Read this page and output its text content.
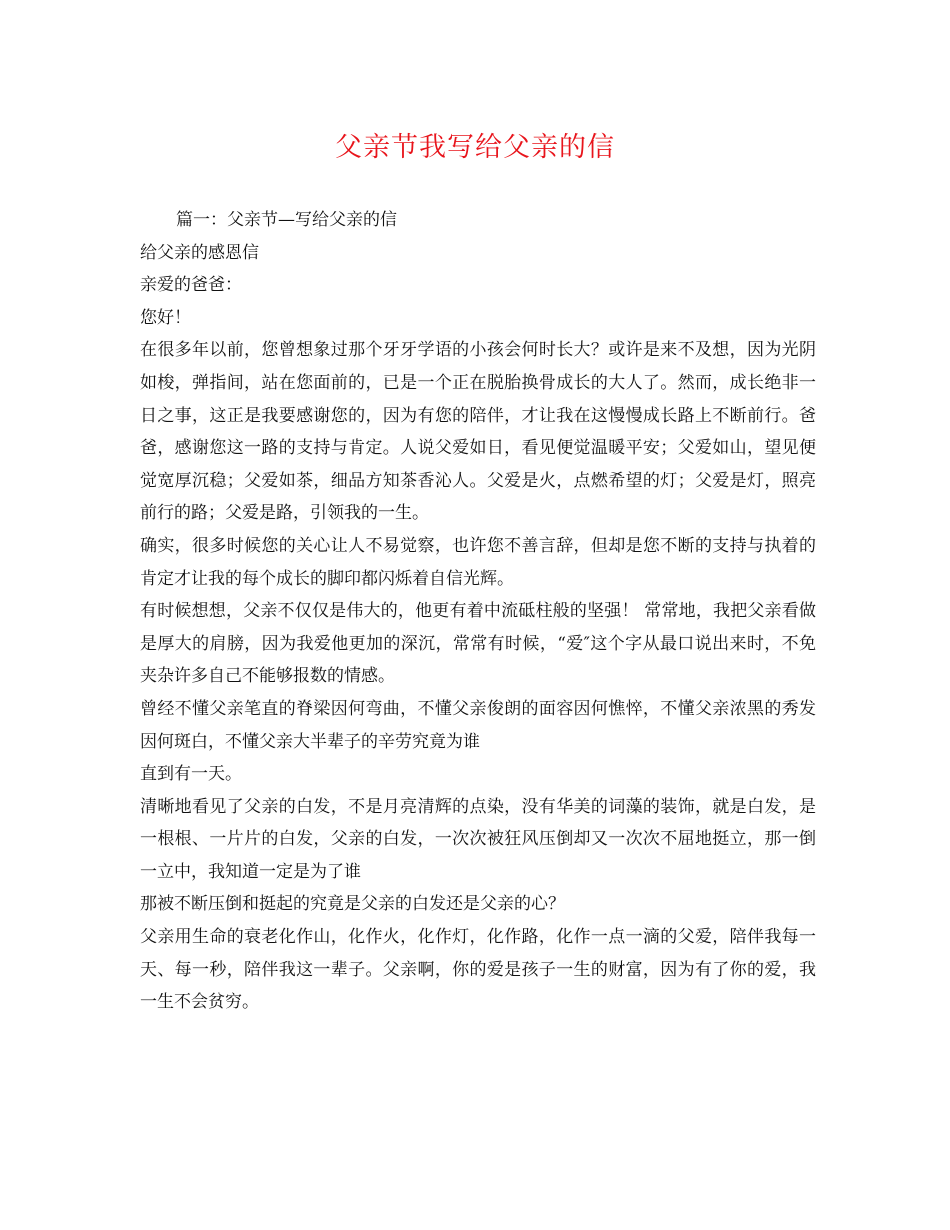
父亲节我写给父亲的信

篇一：父亲节—写给父亲的信

给父亲的感恩信

亲爱的爸爸：

您好！

在很多年以前，您曾想象过那个牙牙学语的小孩会何时长大？或许是来不及想，因为光阴如梭，弹指间，站在您面前的，已是一个正在脱胎换骨成长的大人了。然而，成长绝非一日之事，这正是我要感谢您的，因为有您的陪伴，才让我在这慢慢成长路上不断前行。爸爸，感谢您这一路的支持与肯定。人说父爱如日，看见便觉温暖平安；父爱如山，望见便觉宽厚沉稳；父爱如茶，细品方知茶香沁人。父爱是火，点燃希望的灯；父爱是灯，照亮前行的路；父爱是路，引领我的一生。

确实，很多时候您的关心让人不易觉察，也许您不善言辞，但却是您不断的支持与执着的肯定才让我的每个成长的脚印都闪烁着自信光辉。

有时候想想，父亲不仅仅是伟大的，他更有着中流砥柱般的坚强！ 常常地，我把父亲看做是厚大的肩膀，因为我爱他更加的深沉，常常有时候，“爱″这个字从最口说出来时，不免夹杂许多自己不能够报数的情感。

曾经不懂父亲笔直的脊梁因何弯曲，不懂父亲俊朗的面容因何憔悴，不懂父亲浓黑的秀发因何斑白，不懂父亲大半辈子的辛劳究竟为谁

直到有一天。

清晰地看见了父亲的白发，不是月亮清辉的点染，没有华美的词藻的装饰，就是白发，是一根根、一片片的白发，父亲的白发，一次次被狂风压倒却又一次次不屈地挺立，那一倒一立中，我知道一定是为了谁

那被不断压倒和挺起的究竟是父亲的白发还是父亲的心？

父亲用生命的衰老化作山，化作火，化作灯，化作路，化作一点一滴的父爱，陪伴我每一天、每一秒，陪伴我这一辈子。父亲啊，你的爱是孩子一生的财富，因为有了你的爱，我一生不会贫穷。
